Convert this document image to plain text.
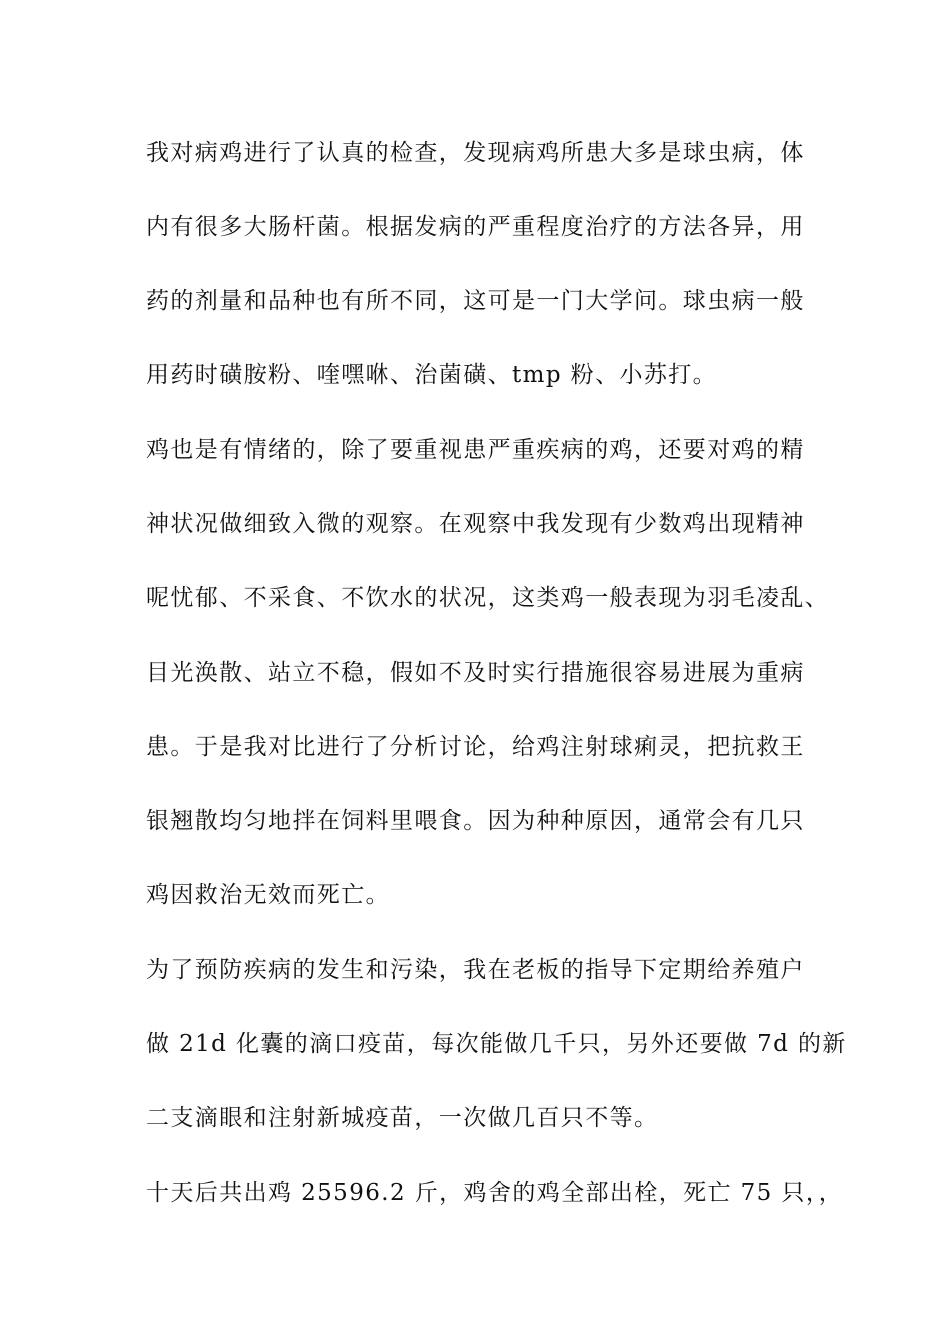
我对病鸡进行了认真的检查，发现病鸡所患大多是球虫病，体
内有很多大肠杆菌。根据发病的严重程度治疗的方法各异，用
药的剂量和品种也有所不同，这可是一门大学问。球虫病一般
用药时磺胺粉、喹嘿咻、治菌磺、tmp 粉、小苏打。
鸡也是有情绪的，除了要重视患严重疾病的鸡，还要对鸡的精
神状况做细致入微的观察。在观察中我发现有少数鸡出现精神
呢忧郁、不采食、不饮水的状况，这类鸡一般表现为羽毛凌乱、
目光涣散、站立不稳，假如不及时实行措施很容易进展为重病
患。于是我对比进行了分析讨论，给鸡注射球痢灵，把抗救王
银翘散均匀地拌在饲料里喂食。因为种种原因，通常会有几只
鸡因救治无效而死亡。
为了预防疾病的发生和污染，我在老板的指导下定期给养殖户
做 21d 化囊的滴口疫苗，每次能做几千只，另外还要做 7d 的新
二支滴眼和注射新城疫苗，一次做几百只不等。
十天后共出鸡 25596.2 斤，鸡舍的鸡全部出栓，死亡 75 只，，
